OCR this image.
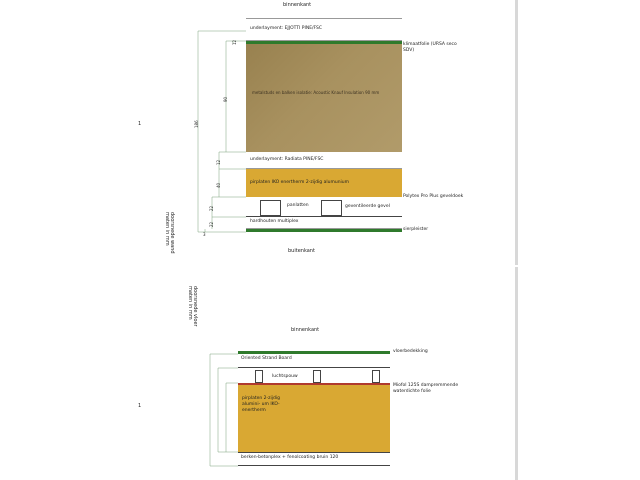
binnenkant
buitenkant
1
doorsnede wand maten in mm
underlayment: EJJOTTI PINE/FSC
metalstuds en balken isolatie: Acoustic Knauf Insulation 90 mm
underlayment: Radiata PINE/FSC
pirplaten IKO enertherm 2-zijdig alumunium
panlatten	geventileerde gevel
hardhouten multiplex
klimaatfolie (URSA seco SDV)
Polytex Pro Plus geveldoek
sierpleister
186
12
90
12
40
22
22
3
binnenkant
1
doorsnede vloer maten in mm
Oriented Strand Board
luchtspouw
pirplaten 2-zijdig alumini- um IKO-enertherm
berken-betonplex + fenolcoating bruin 120
vloerbedekking
Miofol 125S dampremmende waterdichte folie
